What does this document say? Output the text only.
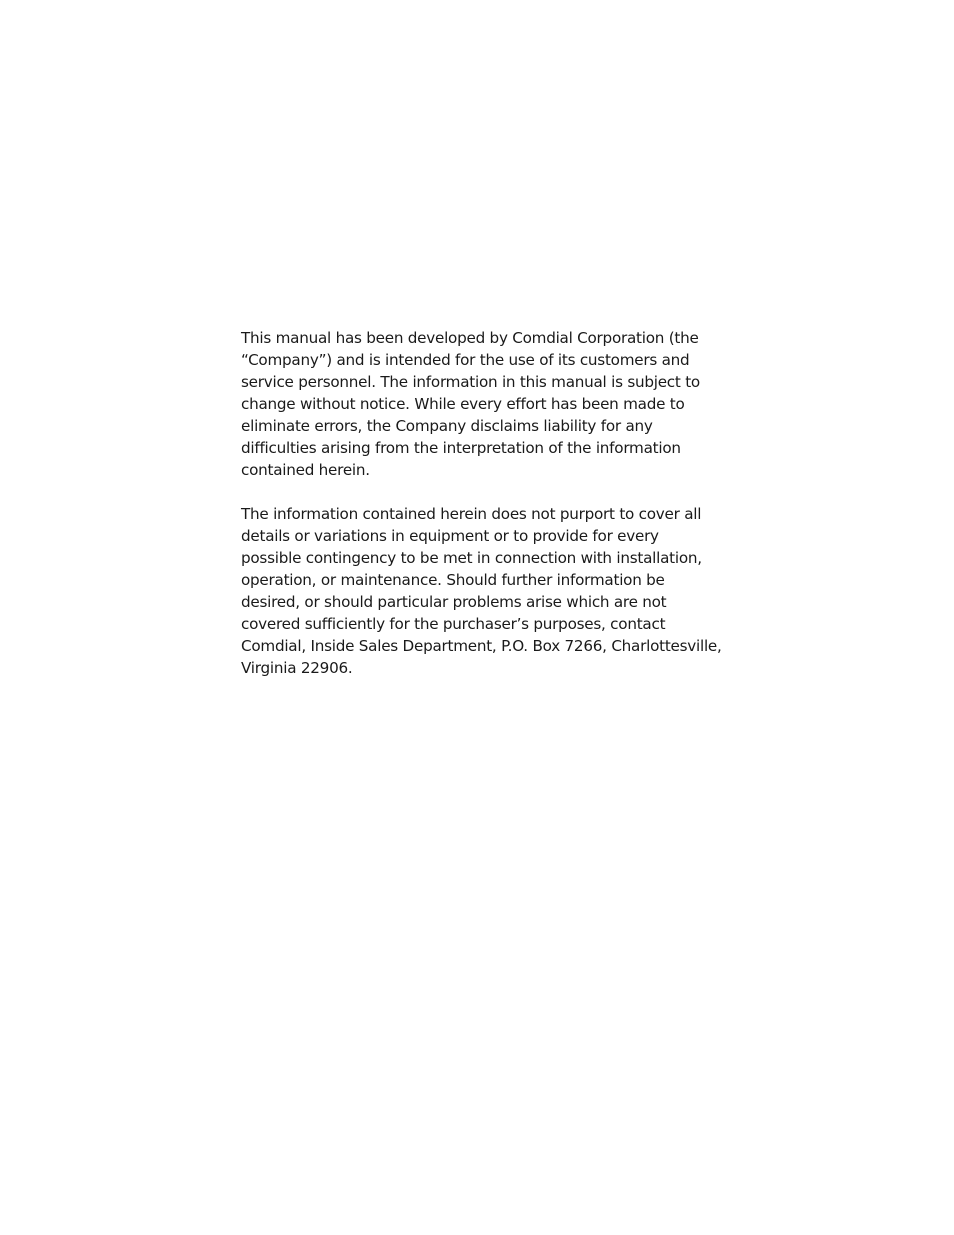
This manual has been developed by Comdial Corporation (the
“Company”) and is intended for the use of its customers and
service personnel. The information in this manual is subject to
change without notice. While every effort has been made to
eliminate errors, the Company disclaims liability for any
difficulties arising from the interpretation of the information
contained herein.

The information contained herein does not purport to cover all
details or variations in equipment or to provide for every
possible contingency to be met in connection with installation,
operation, or maintenance. Should further information be
desired, or should particular problems arise which are not
covered sufficiently for the purchaser’s purposes, contact
Comdial, Inside Sales Department, P.O. Box 7266, Charlottesville,
Virginia 22906.
